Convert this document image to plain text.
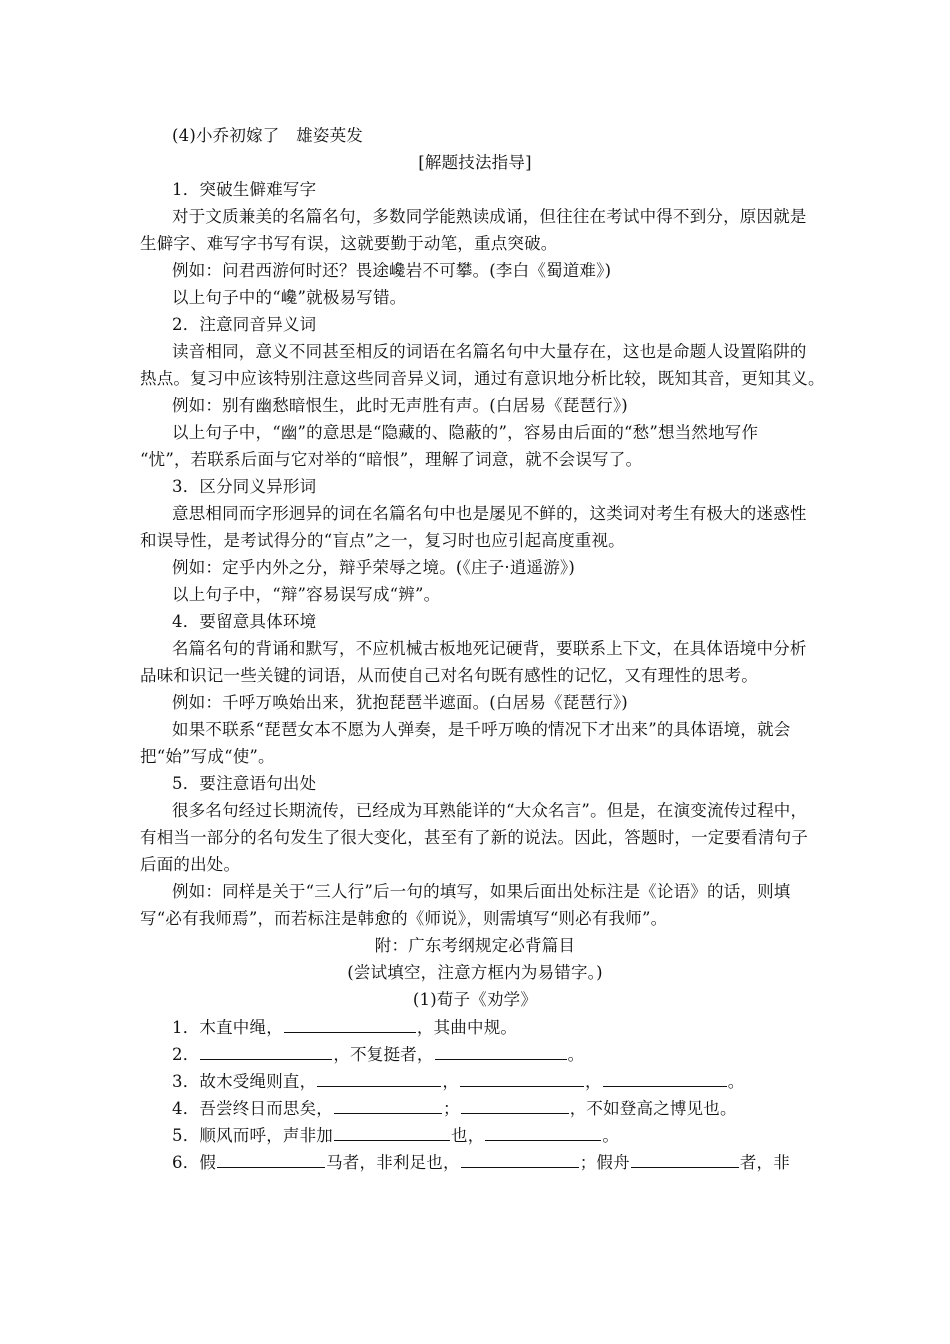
(4)小乔初嫁了　雄姿英发
[解题技法指导]
1．突破生僻难写字
对于文质兼美的名篇名句，多数同学能熟读成诵，但往往在考试中得不到分，原因就是
生僻字、难写字书写有误，这就要勤于动笔，重点突破。
例如：问君西游何时还？畏途巉岩不可攀。(李白《蜀道难》)
以上句子中的“巉”就极易写错。
2．注意同音异义词
读音相同，意义不同甚至相反的词语在名篇名句中大量存在，这也是命题人设置陷阱的
热点。复习中应该特别注意这些同音异义词，通过有意识地分析比较，既知其音，更知其义。
例如：别有幽愁暗恨生，此时无声胜有声。(白居易《琵琶行》)
以上句子中，“幽”的意思是“隐藏的、隐蔽的”，容易由后面的“愁”想当然地写作
“忧”，若联系后面与它对举的“暗恨”，理解了词意，就不会误写了。
3．区分同义异形词
意思相同而字形迥异的词在名篇名句中也是屡见不鲜的，这类词对考生有极大的迷惑性
和误导性，是考试得分的“盲点”之一，复习时也应引起高度重视。
例如：定乎内外之分，辩乎荣辱之境。(《庄子·逍遥游》)
以上句子中，“辩”容易误写成“辨”。
4．要留意具体环境
名篇名句的背诵和默写，不应机械古板地死记硬背，要联系上下文，在具体语境中分析
品味和识记一些关键的词语，从而使自己对名句既有感性的记忆，又有理性的思考。
例如：千呼万唤始出来，犹抱琵琶半遮面。(白居易《琵琶行》)
如果不联系“琵琶女本不愿为人弹奏，是千呼万唤的情况下才出来”的具体语境，就会
把“始”写成“使”。
5．要注意语句出处
很多名句经过长期流传，已经成为耳熟能详的“大众名言”。但是，在演变流传过程中，
有相当一部分的名句发生了很大变化，甚至有了新的说法。因此，答题时，一定要看清句子
后面的出处。
例如：同样是关于“三人行”后一句的填写，如果后面出处标注是《论语》的话，则填
写“必有我师焉”，而若标注是韩愈的《师说》，则需填写“则必有我师”。
附：广东考纲规定必背篇目
(尝试填空，注意方框内为易错字。)
(1)荀子《劝学》
1．木直中绳，	，其曲中规。
2．	，不复挺者，	。
3．故木受绳则直，	，	，	。
4．吾尝终日而思矣，	；	，不如登高之博见也。
5．顺风而呼，声非加	也，	。
6．假	马者，非利足也，	；假舟	者，非
